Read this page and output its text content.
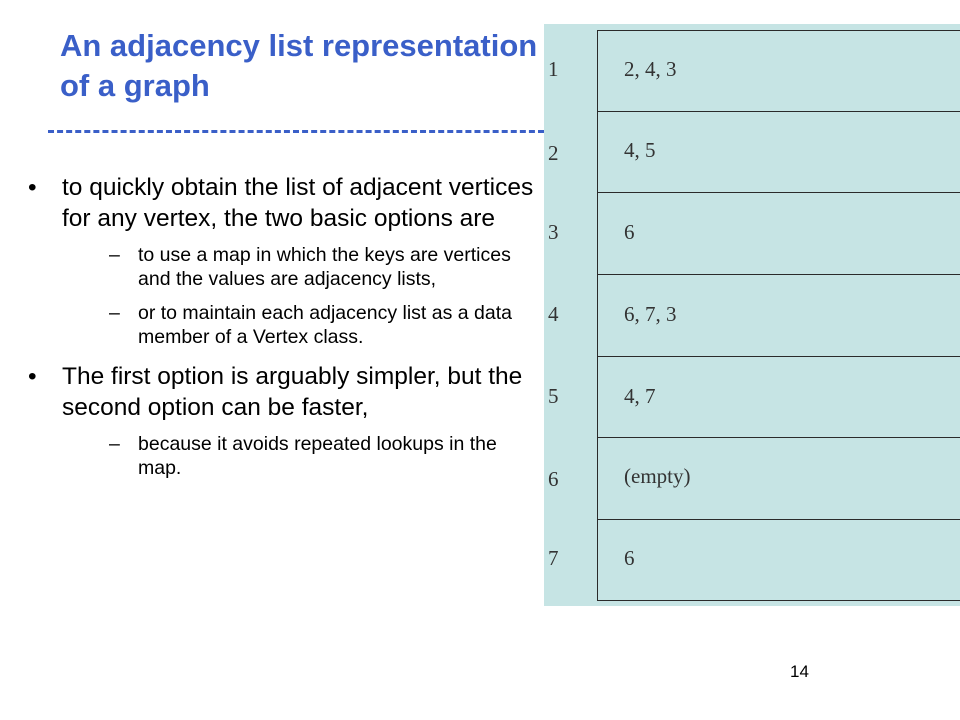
An adjacency list representation of a graph
• to quickly obtain the list of adjacent vertices for any vertex, the two basic options are
– to use a map in which the keys are vertices and the values are adjacency lists,
– or to maintain each adjacency list as a data member of a Vertex class.
• The first option is arguably simpler, but the second option can be faster,
– because it avoids repeated lookups in the map.
1	2, 4, 3
2	4, 5
3	6
4	6, 7, 3
5	4, 7
6	(empty)
7	6
14
